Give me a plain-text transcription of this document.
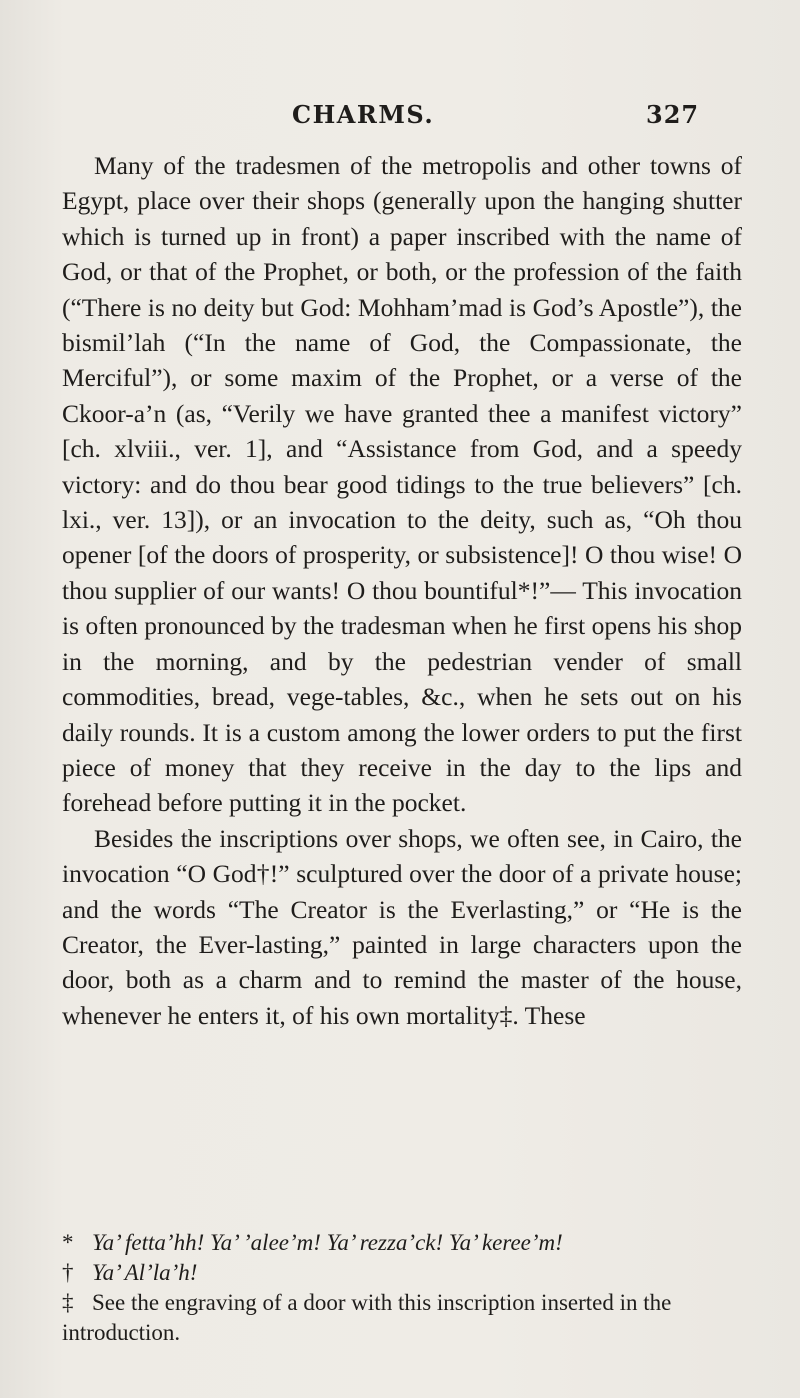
CHARMS.	327

Many of the tradesmen of the metropolis and other towns of Egypt, place over their shops (generally upon the hanging shutter which is turned up in front) a paper inscribed with the name of God, or that of the Prophet, or both, or the profession of the faith (“There is no deity but God: Mohham’mad is God’s Apostle”), the bismil’lah (“In the name of God, the Compassionate, the Merciful”), or some maxim of the Prophet, or a verse of the Ckoor-a’n (as, “Verily we have granted thee a manifest victory” [ch. xlviii., ver. 1], and “Assistance from God, and a speedy victory: and do thou bear good tidings to the true believers” [ch. lxi., ver. 13]), or an invocation to the deity, such as, “Oh thou opener [of the doors of prosperity, or subsistence]! O thou wise! O thou supplier of our wants! O thou bountiful*!”— This invocation is often pronounced by the tradesman when he first opens his shop in the morning, and by the pedestrian vender of small commodities, bread, vege-tables, &c., when he sets out on his daily rounds. It is a custom among the lower orders to put the first piece of money that they receive in the day to the lips and forehead before putting it in the pocket.

Besides the inscriptions over shops, we often see, in Cairo, the invocation “O God†!” sculptured over the door of a private house; and the words “The Creator is the Everlasting,” or “He is the Creator, the Ever-lasting,” painted in large characters upon the door, both as a charm and to remind the master of the house, whenever he enters it, of his own mortality‡. These

* Ya’ fetta’hh! Ya’ ’alee’m! Ya’ rezza’ck! Ya’ keree’m!

† Ya’ Al’la’h!

‡ See the engraving of a door with this inscription inserted in the introduction.
